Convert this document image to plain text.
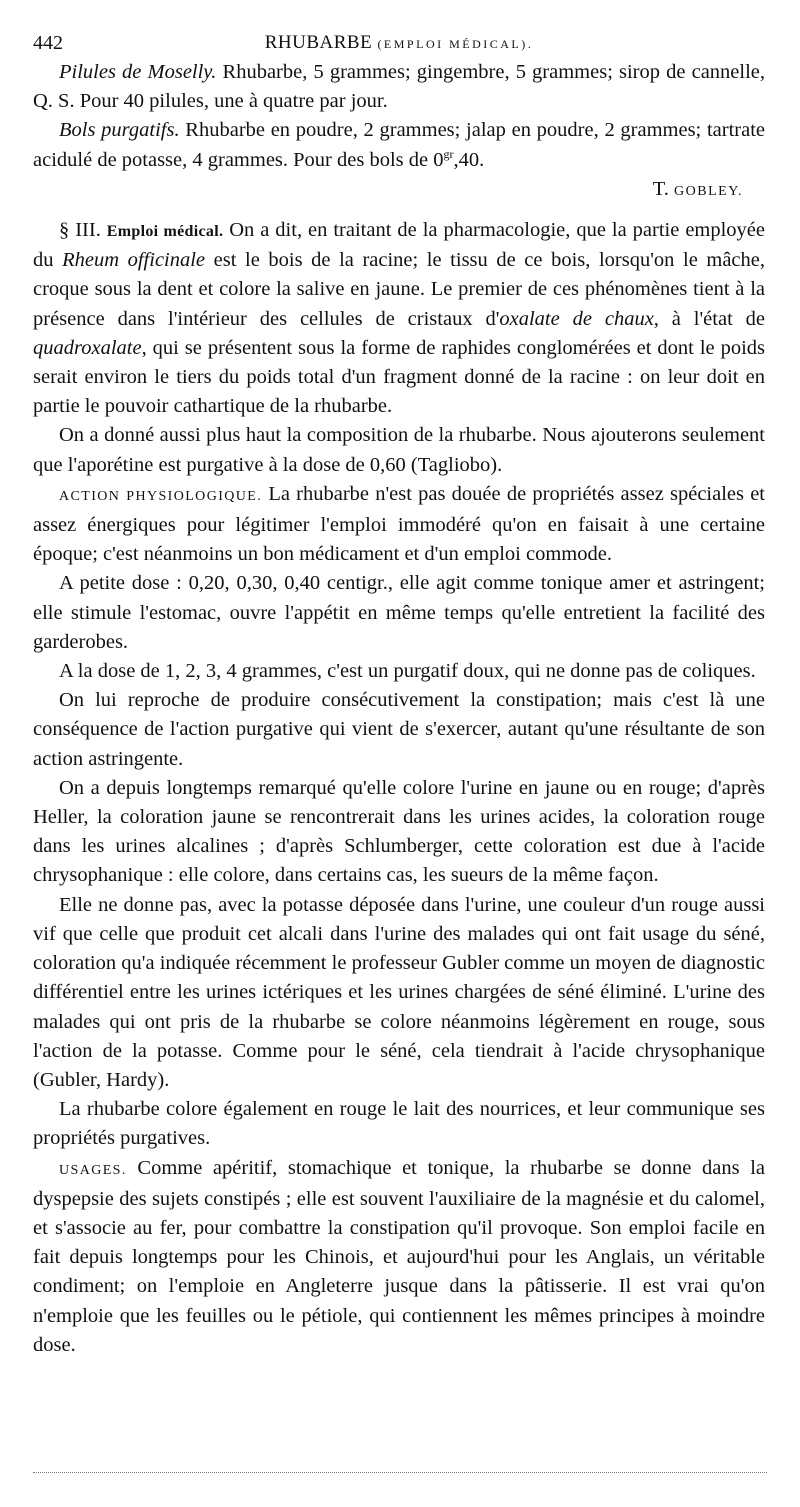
442	RHUBARBE (EMPLOI MÉDICAL).

Pilules de Moselly. Rhubarbe, 5 grammes; gingembre, 5 grammes; sirop de cannelle, Q. S. Pour 40 pilules, une à quatre par jour.

Bols purgatifs. Rhubarbe en poudre, 2 grammes; jalap en poudre, 2 grammes; tartrate acidulé de potasse, 4 grammes. Pour des bols de $0^{gr},40$.

T. GOBLEY.

§ III. Emploi médical. On a dit, en traitant de la pharmacologie, que la partie employée du Rheum officinale est le bois de la racine; le tissu de ce bois, lorsqu'on le mâche, croque sous la dent et colore la salive en jaune. Le premier de ces phénomènes tient à la présence dans l'intérieur des cellules de cristaux d'oxalate de chaux, à l'état de quadroxalate, qui se présentent sous la forme de raphides conglomérées et dont le poids serait environ le tiers du poids total d'un fragment donné de la racine : on leur doit en partie le pouvoir cathartique de la rhubarbe.

On a donné aussi plus haut la composition de la rhubarbe. Nous ajouterons seulement que l'aporétine est purgative à la dose de 0,60 (Tagliobo).

ACTION PHYSIOLOGIQUE. La rhubarbe n'est pas douée de propriétés assez spéciales et assez énergiques pour légitimer l'emploi immodéré qu'on en faisait à une certaine époque; c'est néanmoins un bon médicament et d'un emploi commode.

A petite dose : 0,20, 0,30, 0,40 centigr., elle agit comme tonique amer et astringent; elle stimule l'estomac, ouvre l'appétit en même temps qu'elle entretient la facilité des garderobes.

A la dose de 1, 2, 3, 4 grammes, c'est un purgatif doux, qui ne donne pas de coliques.

On lui reproche de produire consécutivement la constipation; mais c'est là une conséquence de l'action purgative qui vient de s'exercer, autant qu'une résultante de son action astringente.

On a depuis longtemps remarqué qu'elle colore l'urine en jaune ou en rouge; d'après Heller, la coloration jaune se rencontrerait dans les urines acides, la coloration rouge dans les urines alcalines ; d'après Schlumberger, cette coloration est due à l'acide chrysophanique : elle colore, dans certains cas, les sueurs de la même façon.

Elle ne donne pas, avec la potasse déposée dans l'urine, une couleur d'un rouge aussi vif que celle que produit cet alcali dans l'urine des malades qui ont fait usage du séné, coloration qu'a indiquée récemment le professeur Gubler comme un moyen de diagnostic différentiel entre les urines ictériques et les urines chargées de séné éliminé. L'urine des malades qui ont pris de la rhubarbe se colore néanmoins légèrement en rouge, sous l'action de la potasse. Comme pour le séné, cela tiendrait à l'acide chrysophanique (Gubler, Hardy).

La rhubarbe colore également en rouge le lait des nourrices, et leur communique ses propriétés purgatives.

USAGES. Comme apéritif, stomachique et tonique, la rhubarbe se donne dans la dyspepsie des sujets constipés ; elle est souvent l'auxiliaire de la magnésie et du calomel, et s'associe au fer, pour combattre la constipation qu'il provoque. Son emploi facile en fait depuis longtemps pour les Chinois, et aujourd'hui pour les Anglais, un véritable condiment; on l'emploie en Angleterre jusque dans la pâtisserie. Il est vrai qu'on n'emploie que les feuilles ou le pétiole, qui contiennent les mêmes principes à moindre dose.
